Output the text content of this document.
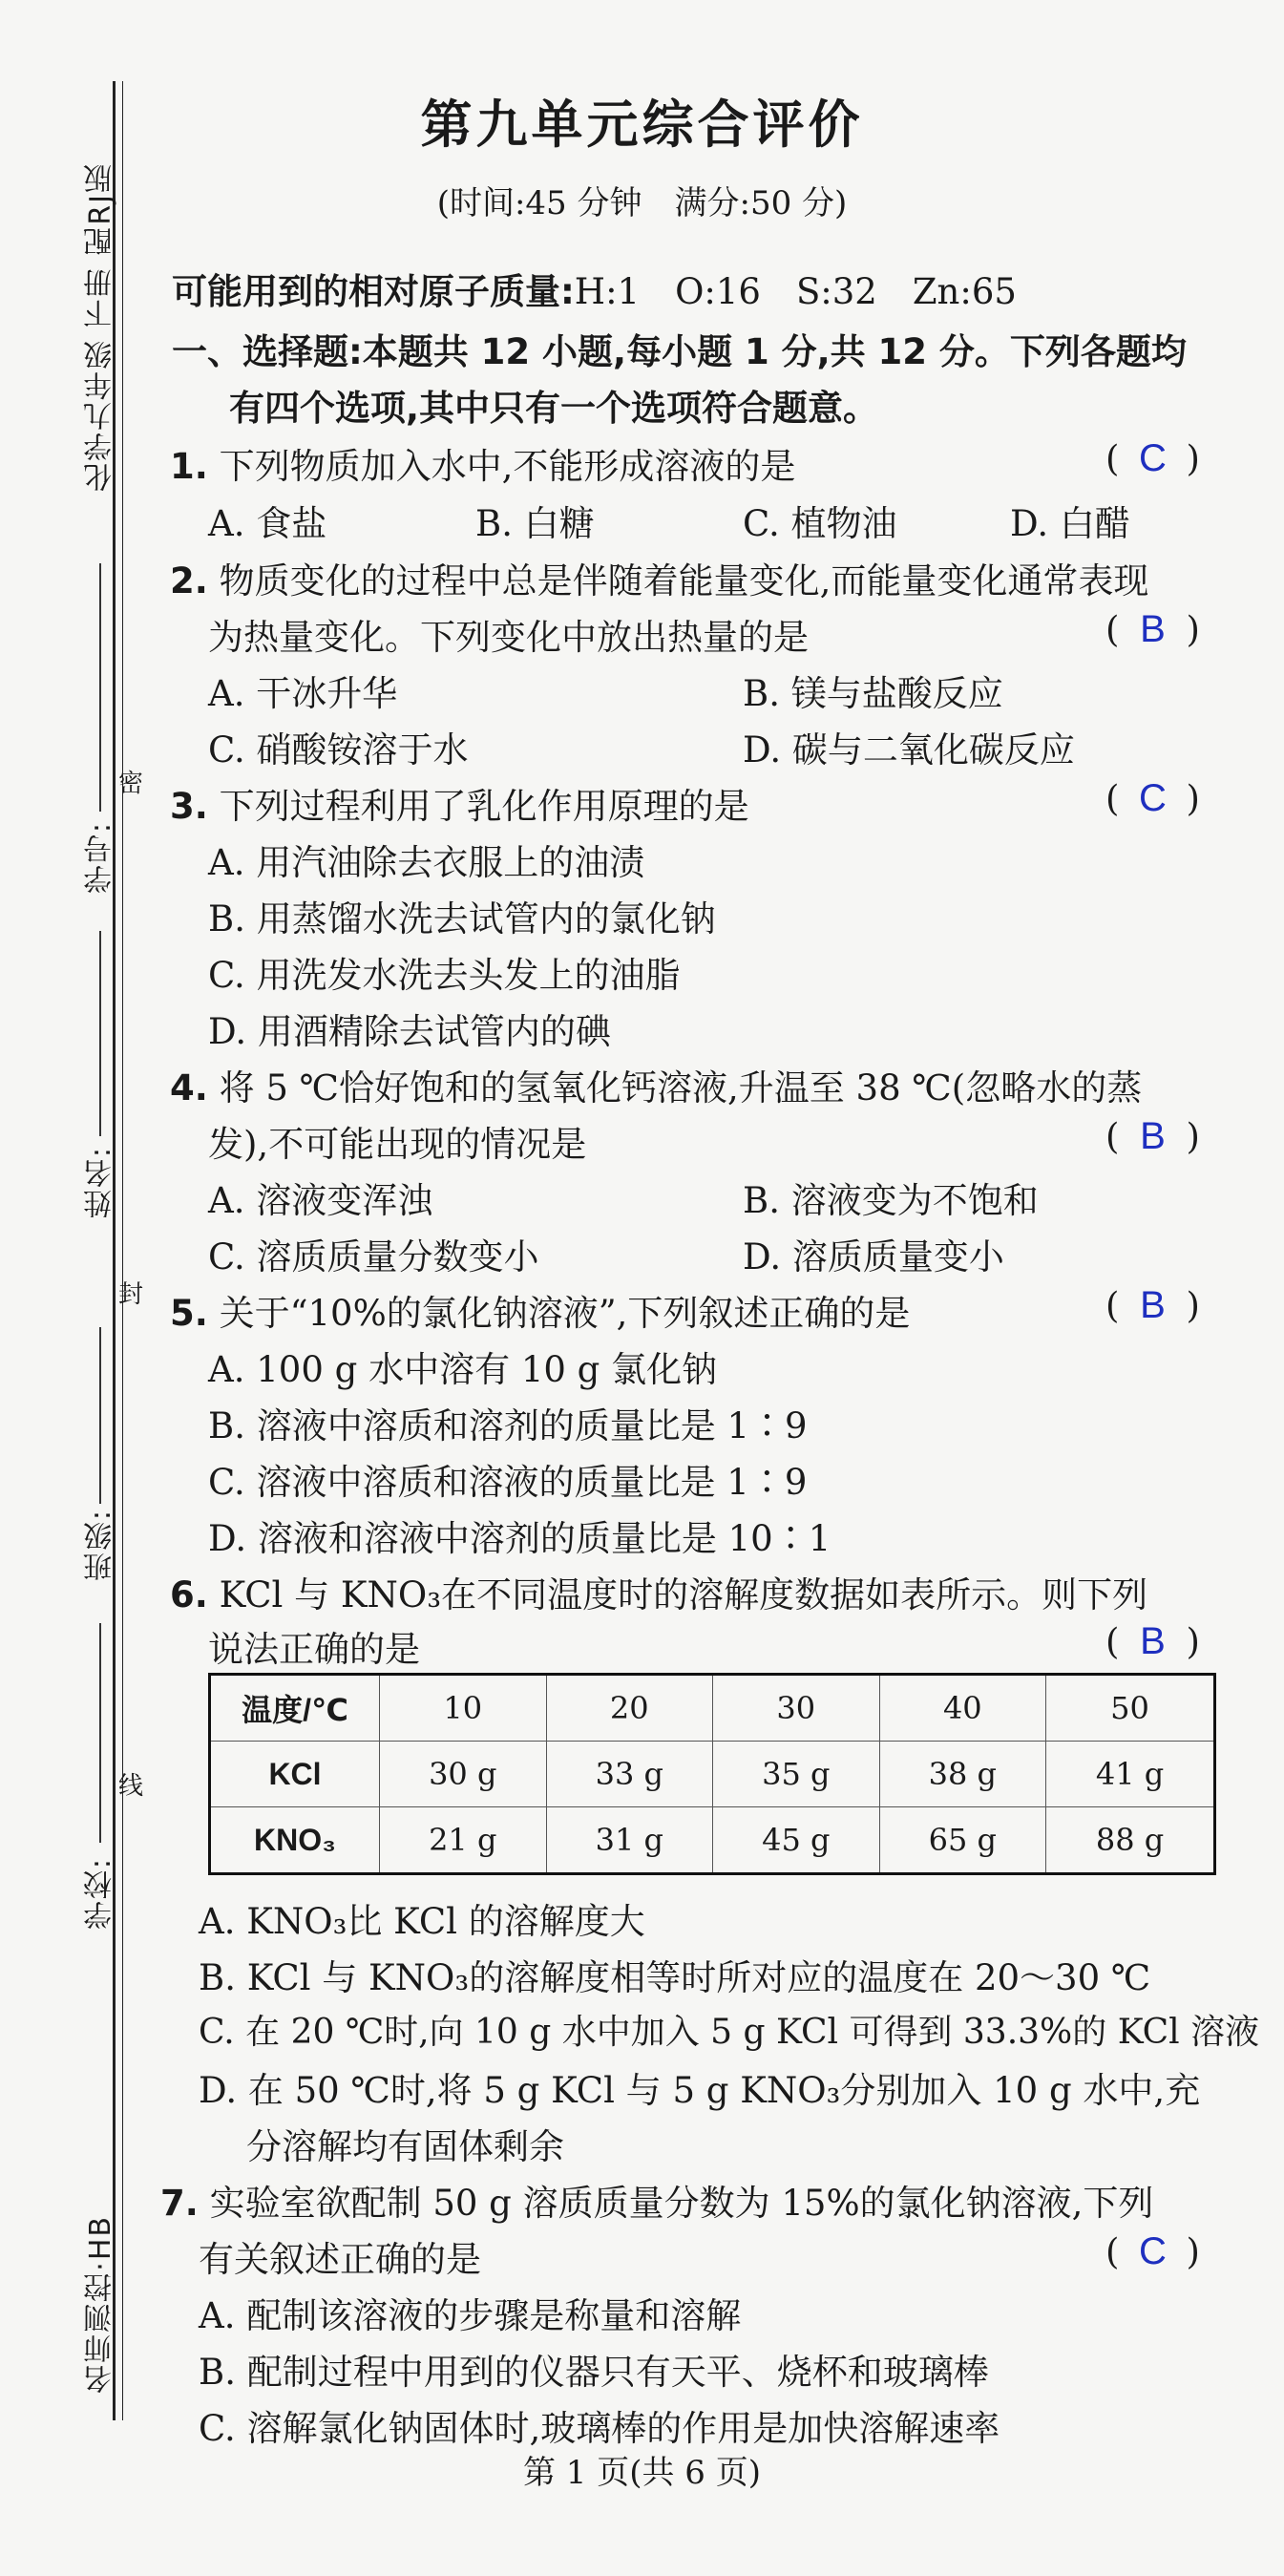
化学九年级 下册 配RJ版
学号:
密
姓名:
封
班级:
线
学校:
名师测控·HB
第九单元综合评价
(时间:45 分钟　满分:50 分)
可能用到的相对原子质量:H:1　O:16　S:32　Zn:65
一、选择题:本题共 12 小题,每小题 1 分,共 12 分。下列各题均
有四个选项,其中只有一个选项符合题意。
1. 下列物质加入水中,不能形成溶液的是	( C )
A. 食盐	B. 白糖	C. 植物油	D. 白醋
2. 物质变化的过程中总是伴随着能量变化,而能量变化通常表现
为热量变化。下列变化中放出热量的是	( B )
A. 干冰升华	B. 镁与盐酸反应
C. 硝酸铵溶于水	D. 碳与二氧化碳反应
3. 下列过程利用了乳化作用原理的是	( C )
A. 用汽油除去衣服上的油渍
B. 用蒸馏水洗去试管内的氯化钠
C. 用洗发水洗去头发上的油脂
D. 用酒精除去试管内的碘
4. 将 5 ℃恰好饱和的氢氧化钙溶液,升温至 38 ℃(忽略水的蒸
发),不可能出现的情况是	( B )
A. 溶液变浑浊	B. 溶液变为不饱和
C. 溶质质量分数变小	D. 溶质质量变小
5. 关于“10%的氯化钠溶液”,下列叙述正确的是	( B )
A. 100 g 水中溶有 10 g 氯化钠
B. 溶液中溶质和溶剂的质量比是 1∶9
C. 溶液中溶质和溶液的质量比是 1∶9
D. 溶液和溶液中溶剂的质量比是 10∶1
6. KCl 与 KNO₃在不同温度时的溶解度数据如表所示。则下列
说法正确的是	( B )
温度/℃	10	20	30	40	50
KCl	30 g	33 g	35 g	38 g	41 g
KNO₃	21 g	31 g	45 g	65 g	88 g
A. KNO₃比 KCl 的溶解度大
B. KCl 与 KNO₃的溶解度相等时所对应的温度在 20～30 ℃
C. 在 20 ℃时,向 10 g 水中加入 5 g KCl 可得到 33.3%的 KCl 溶液
D. 在 50 ℃时,将 5 g KCl 与 5 g KNO₃分别加入 10 g 水中,充
分溶解均有固体剩余
7. 实验室欲配制 50 g 溶质质量分数为 15%的氯化钠溶液,下列
有关叙述正确的是	( C )
A. 配制该溶液的步骤是称量和溶解
B. 配制过程中用到的仪器只有天平、烧杯和玻璃棒
C. 溶解氯化钠固体时,玻璃棒的作用是加快溶解速率
第 1 页(共 6 页)
